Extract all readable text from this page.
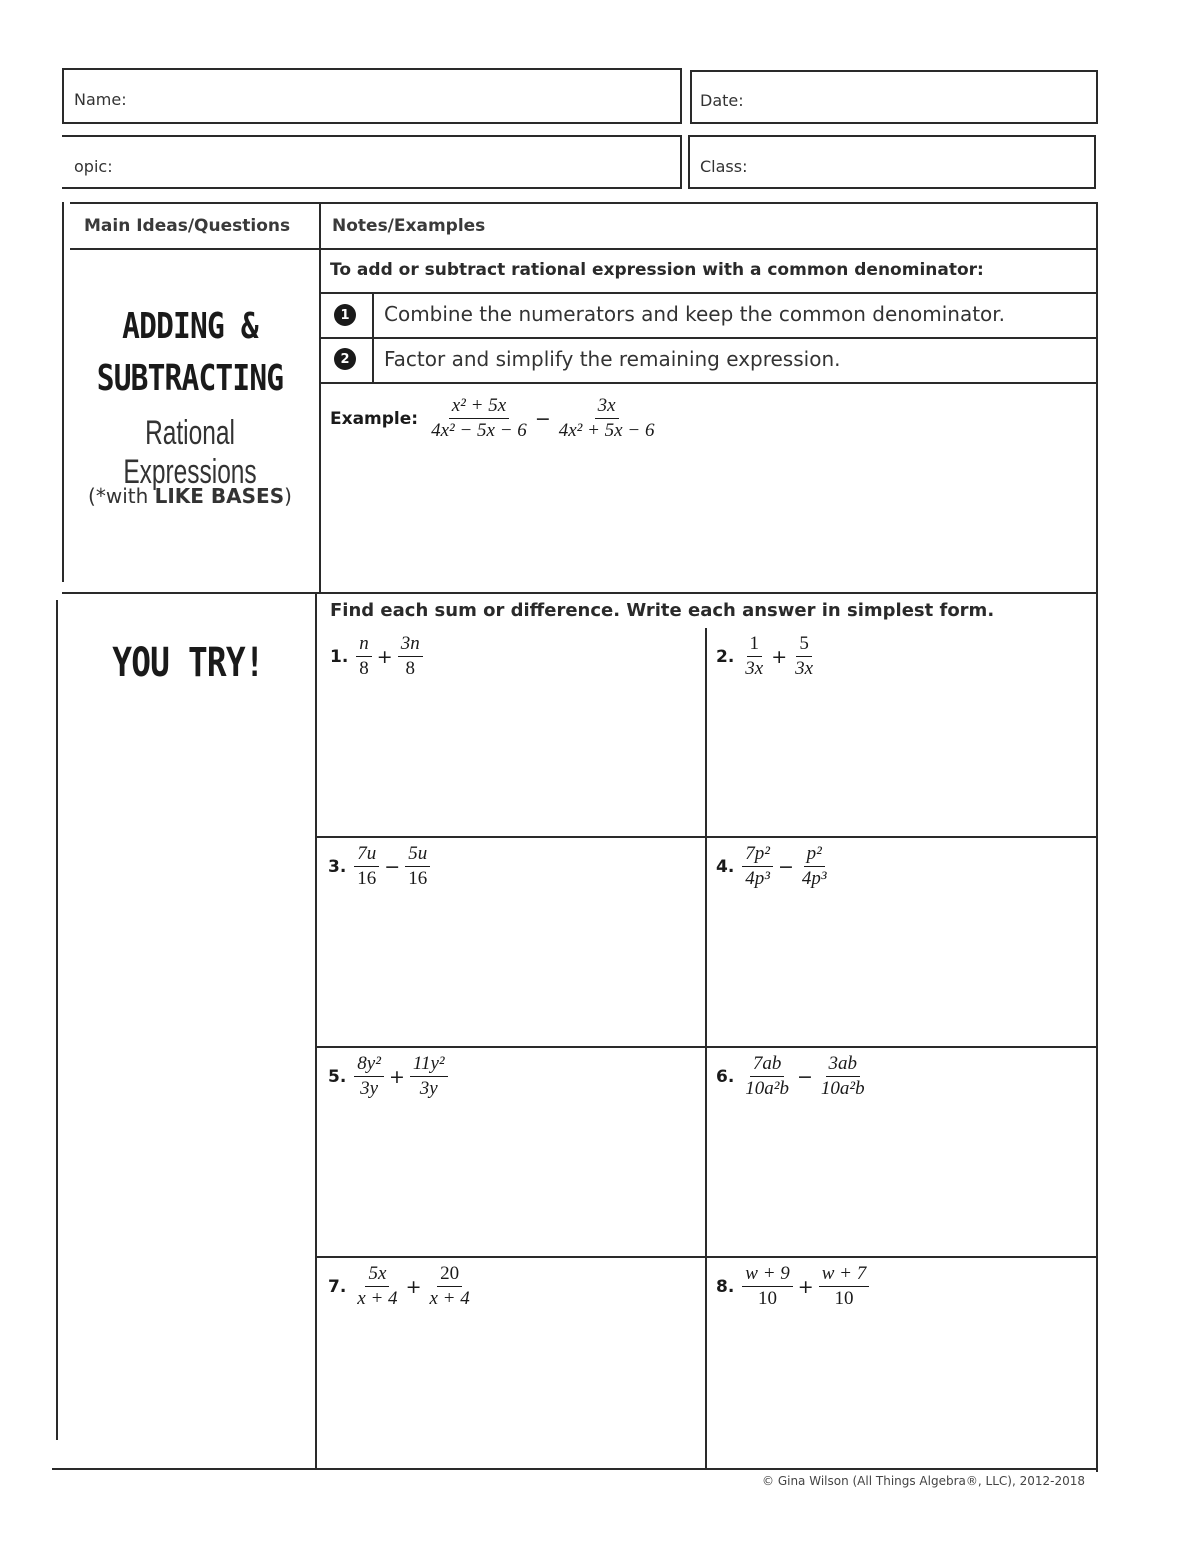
Name:	Date:
opic:	Class:
Main Ideas/Questions Notes/Examples
ADDING &
SUBTRACTING
Rational Expressions
(*with LIKE BASES)
To add or subtract rational expression with a common denominator:
1	Combine the numerators and keep the common denominator.
2	Factor and simplify the remaining expression.
Example: $\frac{\text{x² + 5x}}{\text{4x² − 5x − 6}} - \frac{3x}{\text{4x² + 5x − 6}}$
YOU TRY!
Find each sum or difference. Write each answer in simplest form.
1. $\frac{n}{8} + \frac{3n}{8}$	2. $\frac{1}{3x} + \frac{5}{3x}$
3. $\frac{7u}{16} - \frac{5u}{16}$	4. $\frac{\text{7p²}}{\text{4p³}} - \frac{\text{p²}}{\text{4p³}}$
5. $\frac{\text{8y²}}{3y} + \frac{\text{11y²}}{3y}$	6. $\frac{7ab}{\text{10a²b}} - \frac{3ab}{\text{10a²b}}$
7. $\frac{5x}{x + 4} + \frac{20}{x + 4}$	8. $\frac{w + 9}{10} + \frac{w + 7}{10}$
© Gina Wilson (All Things Algebra®, LLC), 2012-2018
